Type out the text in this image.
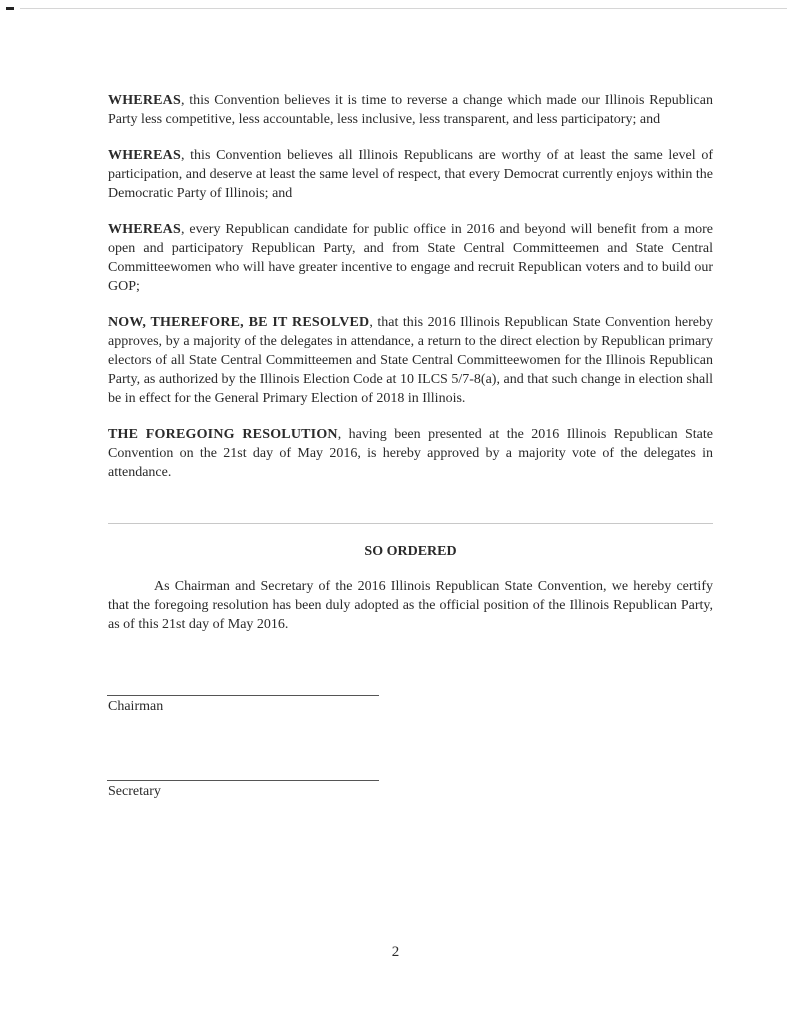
WHEREAS, this Convention believes it is time to reverse a change which made our Illinois Republican Party less competitive, less accountable, less inclusive, less transparent, and less participatory; and

WHEREAS, this Convention believes all Illinois Republicans are worthy of at least the same level of participation, and deserve at least the same level of respect, that every Democrat currently enjoys within the Democratic Party of Illinois; and

WHEREAS, every Republican candidate for public office in 2016 and beyond will benefit from a more open and participatory Republican Party, and from State Central Committeemen and State Central Committeewomen who will have greater incentive to engage and recruit Republican voters and to build our GOP;

NOW, THEREFORE, BE IT RESOLVED, that this 2016 Illinois Republican State Convention hereby approves, by a majority of the delegates in attendance, a return to the direct election by Republican primary electors of all State Central Committeemen and State Central Committeewomen for the Illinois Republican Party, as authorized by the Illinois Election Code at 10 ILCS 5/7-8(a), and that such change in election shall be in effect for the General Primary Election of 2018 in Illinois.

THE FOREGOING RESOLUTION, having been presented at the 2016 Illinois Republican State Convention on the 21st day of May 2016, is hereby approved by a majority vote of the delegates in attendance.

SO ORDERED

As Chairman and Secretary of the 2016 Illinois Republican State Convention, we hereby certify that the foregoing resolution has been duly adopted as the official position of the Illinois Republican Party, as of this 21st day of May 2016.

Chairman
Secretary
2
